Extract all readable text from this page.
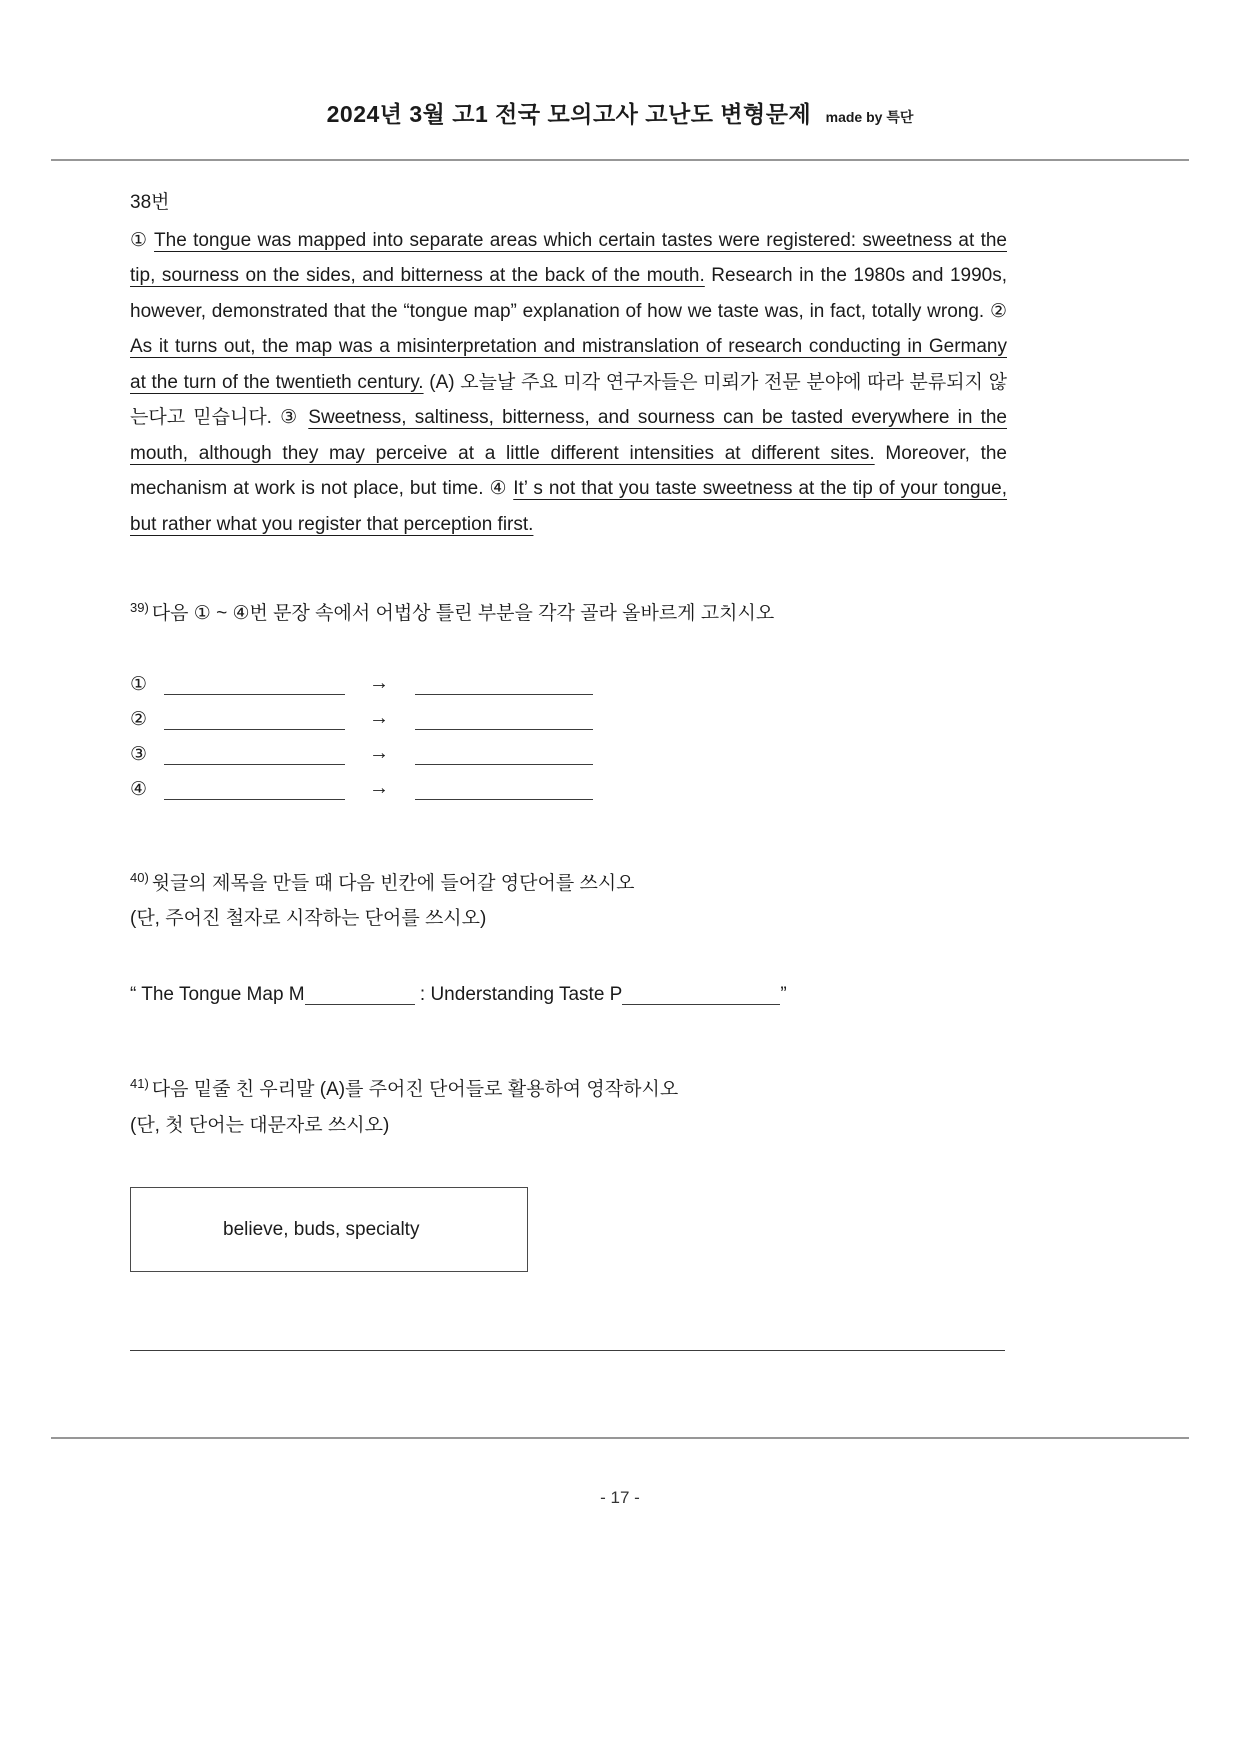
2024년 3월 고1 전국 모의고사 고난도 변형문제 made by 특단
38번

① The tongue was mapped into separate areas which certain tastes were registered: sweetness at the tip, sourness on the sides, and bitterness at the back of the mouth. Research in the 1980s and 1990s, however, demonstrated that the “tongue map” explanation of how we taste was, in fact, totally wrong. ② As it turns out, the map was a misinterpretation and mistranslation of research conducting in Germany at the turn of the twentieth century. (A) 오늘날 주요 미각 연구자들은 미뢰가 전문 분야에 따라 분류되지 않는다고 믿습니다. ③ Sweetness, saltiness, bitterness, and sourness can be tasted everywhere in the mouth, although they may perceive at a little different intensities at different sites. Moreover, the mechanism at work is not place, but time. ④ It’ s not that you taste sweetness at the tip of your tongue, but rather what you register that perception first.

$^{39)}$ 다음 ① ~ ④번 문장 속에서 어법상 틀린 부분을 각각 골라 올바르게 고치시오

①	→
②	→
③	→
④	→

$^{40)}$ 윗글의 제목을 만들 때 다음 빈칸에 들어갈 영단어를 쓰시오

(단, 주어진 철자로 시작하는 단어를 쓰시오)

“ The Tongue Map M	: Understanding Taste P	”

$^{41)}$ 다음 밑줄 친 우리말 (A)를 주어진 단어들로 활용하여 영작하시오

(단, 첫 단어는 대문자로 쓰시오)

believe, buds, specialty
- 17 -
